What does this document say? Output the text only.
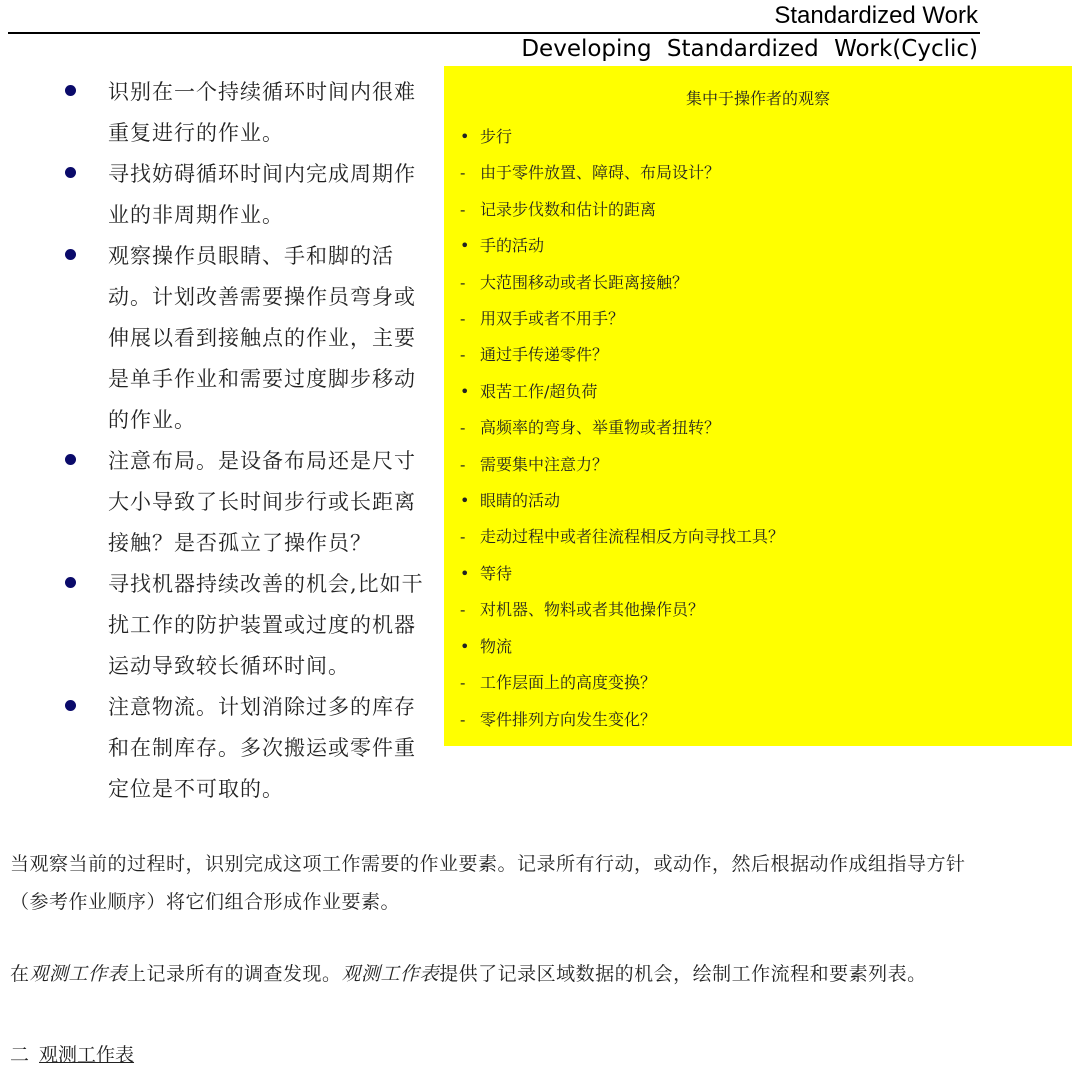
Standardized Work
Developing Standardized Work(Cyclic)
识别在一个持续循环时间内很难重复进行的作业。
寻找妨碍循环时间内完成周期作业的非周期作业。
观察操作员眼睛、手和脚的活动。计划改善需要操作员弯身或伸展以看到接触点的作业，主要是单手作业和需要过度脚步移动的作业。
注意布局。是设备布局还是尺寸大小导致了长时间步行或长距离接触？是否孤立了操作员？
寻找机器持续改善的机会,比如干扰工作的防护装置或过度的机器运动导致较长循环时间。
注意物流。计划消除过多的库存和在制库存。多次搬运或零件重定位是不可取的。
集中于操作者的观察
• 步行
- 由于零件放置、障碍、布局设计？
- 记录步伐数和估计的距离
• 手的活动
- 大范围移动或者长距离接触？
- 用双手或者不用手？
- 通过手传递零件？
• 艰苦工作/超负荷
- 高频率的弯身、举重物或者扭转？
- 需要集中注意力？
• 眼睛的活动
- 走动过程中或者往流程相反方向寻找工具？
• 等待
- 对机器、物料或者其他操作员？
• 物流
- 工作层面上的高度变换？
- 零件排列方向发生变化？
当观察当前的过程时，识别完成这项工作需要的作业要素。记录所有行动，或动作，然后根据动作成组指导方针（参考作业顺序）将它们组合形成作业要素。
在观测工作表上记录所有的调查发现。观测工作表提供了记录区域数据的机会，绘制工作流程和要素列表。
二 观测工作表
